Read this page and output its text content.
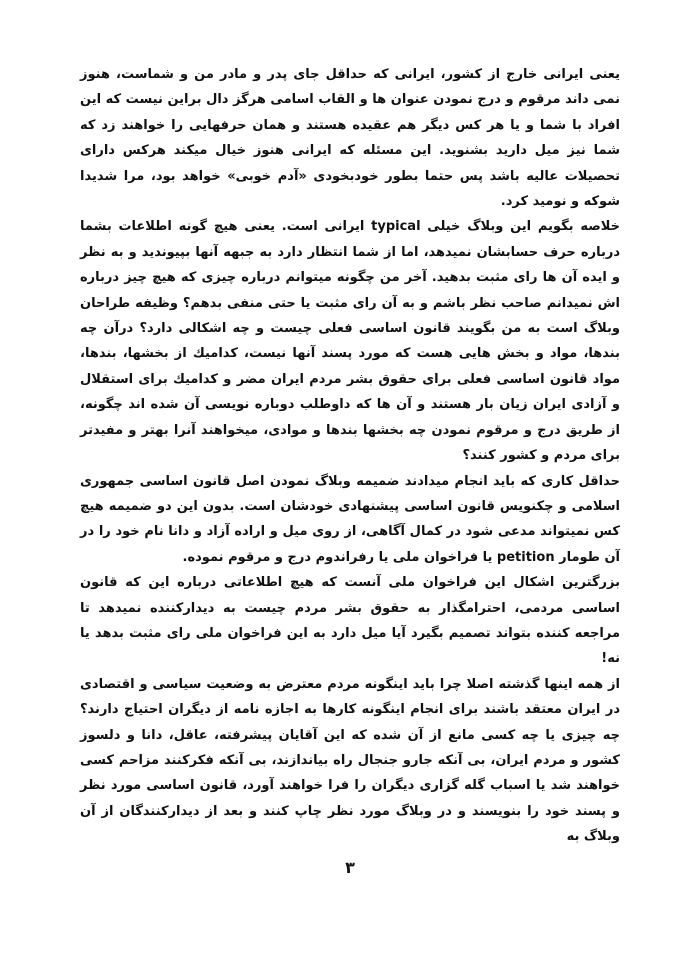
یعنی ایرانی خارج از کشور، ایرانی که حداقل جای پدر و مادر من و شماست، هنوز نمی داند مرقوم و درج نمودن عنوان ها و القاب اسامی هرگز دال براین نیست که این افراد با شما و یا هر کس دیگر هم عقیده هستند و همان حرفهایی را خواهند زد که شما نیز میل دارید بشنوید. این مسئله که ایرانی هنوز خیال میکند هرکس دارای تحصیلات عالیه باشد پس حتما بطور خودبخودی «آدم خوبی» خواهد بود، مرا شدیدا شوکه و نومید کرد.

خلاصه بگویم این وبلاگ خیلی typical ایرانی است. یعنی هیچ گونه اطلاعات بشما درباره حرف حسابشان نمیدهد، اما از شما انتظار دارد به جبهه آنها بپیوندید و به نظر و ایده آن ها رای مثبت بدهید. آخر من چگونه میتوانم درباره چیزی که هیچ چیز درباره اش نمیدانم صاحب نظر باشم و به آن رای مثبت یا حتی منفی بدهم؟ وظیفه طراحان وبلاگ است به من بگویند قانون اساسی فعلی چیست و چه اشکالی دارد؟ درآن چه بندها، مواد و بخش هایی هست که مورد پسند آنها نیست، کدامیك از بخشها، بندها، مواد قانون اساسی فعلی برای حقوق بشر مردم ایران مضر و كدامیك برای استقلال و آزادی ایران زیان بار هستند و آن ها كه داوطلب دوباره نویسی آن شده اند چگونه، از طریق درج و مرقوم نمودن چه بخشها بندها و موادی، میخواهند آنرا بهتر و مفیدتر برای مردم و كشور كنند؟

حداقل كاری كه باید انجام میدادند ضمیمه وبلاگ نمودن اصل قانون اساسی جمهوری اسلامی و چكنویس قانون اساسی پیشنهادی خودشان است. بدون این دو ضمیمه هیچ كس نمیتواند مدعی شود در كمال آگاهی، از روی میل و اراده آزاد و دانا نام خود را در آن طومار petition یا فراخوان ملی یا رفراندوم درج و مرقوم نموده.

بزرگترین اشكال این فراخوان ملی آنست كه هیچ اطلاعاتی درباره این كه قانون اساسی مردمی، احترامگذار به حقوق بشر مردم چیست به دیداركننده نمیدهد تا مراجعه كننده بتواند تصمیم بگیرد آیا میل دارد به این فراخوان ملی رای مثبت بدهد یا نه!

از همه اینها گذشته اصلا چرا باید اینگونه مردم معترض به وضعیت سیاسی و اقتصادی در ایران معتقد باشند برای انجام اینگونه كارها به اجازه نامه از دیگران احتیاج دارند؟ چه چیزی یا چه كسی مانع از آن شده كه این آقایان پیشرفته، عاقل، دانا و دلسوز كشور و مردم ایران، بی آنكه جارو جنجال راه بیاندازند، بی آنكه فكركنند مزاحم كسی خواهند شد یا اسباب گله گزاری دیگران را فرا خواهند آورد، قانون اساسی مورد نظر و پسند خود را بنویسند و در وبلاگ مورد نظر چاپ كنند و بعد از دیداركنندگان از آن وبلاگ به

۳
